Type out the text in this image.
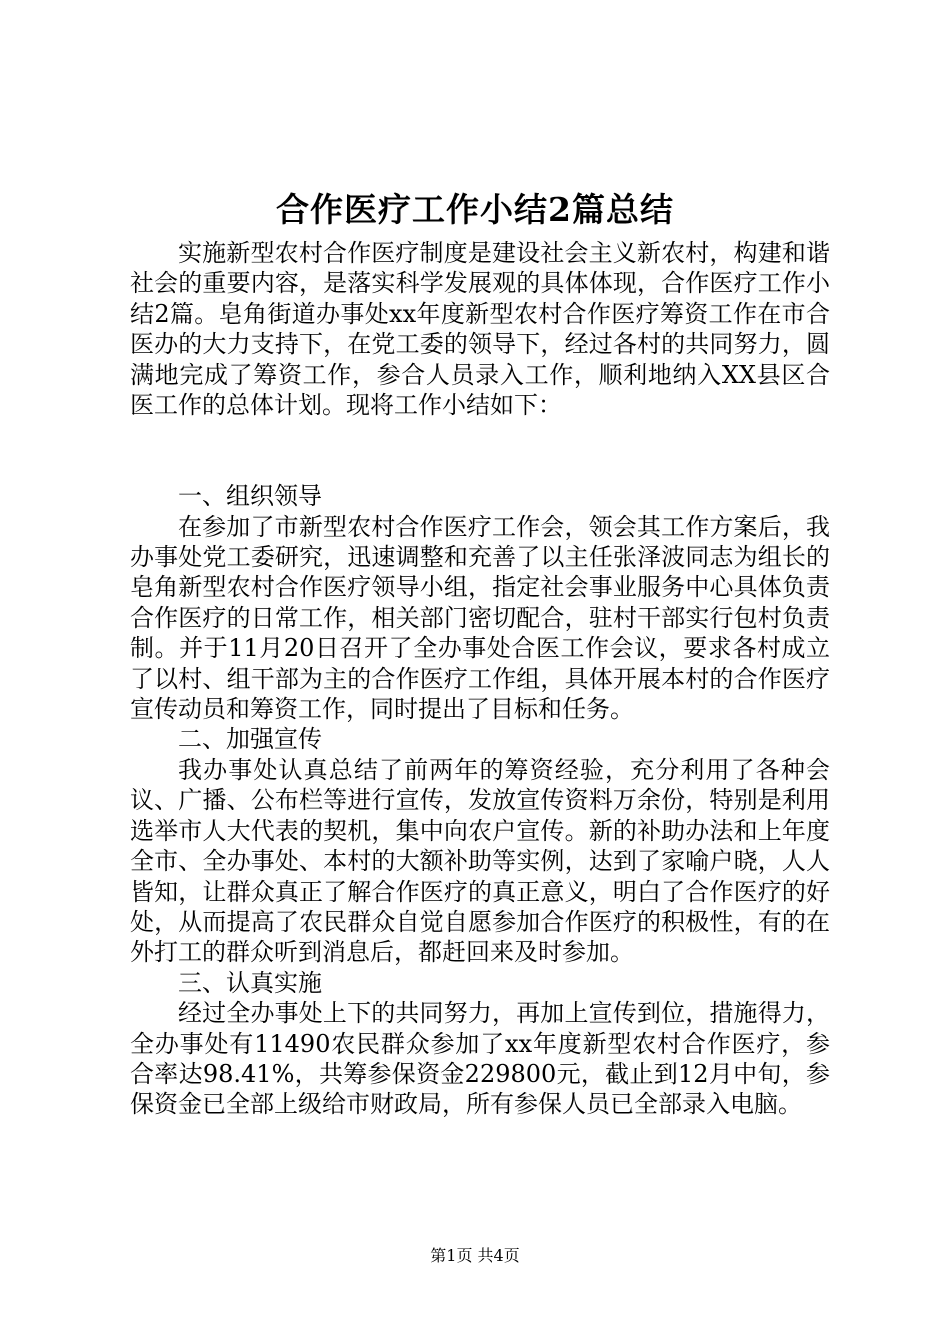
合作医疗工作小结2篇总结

实施新型农村合作医疗制度是建设社会主义新农村，构建和谐社会的重要内容，是落实科学发展观的具体体现，合作医疗工作小结2篇。皂角街道办事处xx年度新型农村合作医疗筹资工作在市合医办的大力支持下，在党工委的领导下，经过各村的共同努力，圆满地完成了筹资工作，参合人员录入工作，顺利地纳入XX县区合医工作的总体计划。现将工作小结如下：

一、组织领导

在参加了市新型农村合作医疗工作会，领会其工作方案后，我办事处党工委研究，迅速调整和充善了以主任张泽波同志为组长的皂角新型农村合作医疗领导小组，指定社会事业服务中心具体负责合作医疗的日常工作，相关部门密切配合，驻村干部实行包村负责制。并于11月20日召开了全办事处合医工作会议，要求各村成立了以村、组干部为主的合作医疗工作组，具体开展本村的合作医疗宣传动员和筹资工作，同时提出了目标和任务。

二、加强宣传

我办事处认真总结了前两年的筹资经验，充分利用了各种会议、广播、公布栏等进行宣传，发放宣传资料万余份，特别是利用选举市人大代表的契机，集中向农户宣传。新的补助办法和上年度全市、全办事处、本村的大额补助等实例，达到了家喻户晓，人人皆知，让群众真正了解合作医疗的真正意义，明白了合作医疗的好处，从而提高了农民群众自觉自愿参加合作医疗的积极性，有的在外打工的群众听到消息后，都赶回来及时参加。

三、认真实施

经过全办事处上下的共同努力，再加上宣传到位，措施得力，全办事处有11490农民群众参加了xx年度新型农村合作医疗，参合率达98.41%，共筹参保资金229800元，截止到12月中旬，参保资金已全部上级给市财政局，所有参保人员已全部录入电脑。

第1页 共4页
